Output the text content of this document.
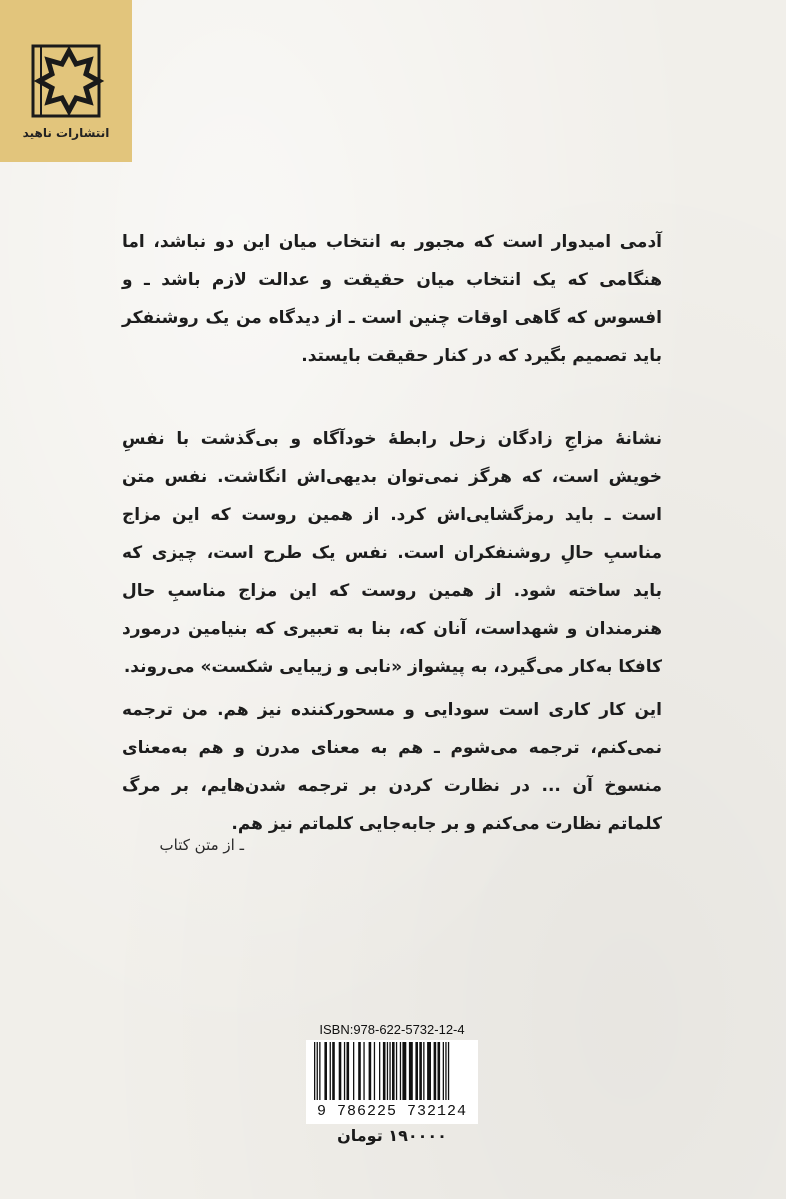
انتشارات ناهید

آدمی امیدوار است که مجبور به انتخاب میان این دو نباشد، اما هنگامی که یک انتخاب میان حقیقت و عدالت لازم باشد ـ و افسوس که گاهی اوقات چنین است ـ از دیدگاه من یک روشنفکر باید تصمیم بگیرد که در کنار حقیقت بایستد.

نشانهٔ مزاجِ زادگان زحل رابطهٔ خودآگاه و بی‌گذشت با نفسِ خویش است، که هرگز نمی‌توان بدیهی‌اش انگاشت. نفس متن است ـ باید رمزگشایی‌اش کرد. از همین روست که این مزاج مناسبِ حالِ روشنفکران است. نفس یک طرح است، چیزی که باید ساخته شود. از همین روست که این مزاج مناسبِ حال هنرمندان و شهداست، آنان که، بنا به تعبیری که بنیامین درمورد کافکا به‌کار می‌گیرد، به پیشواز «نابی و زیبایی شکست» می‌روند.

این کار کاری است سودایی و مسحورکننده نیز هم. من ترجمه نمی‌کنم، ترجمه می‌شوم ـ هم به معنای مدرن و هم به‌معنای منسوخ آن ... در نظارت کردن بر ترجمه شدن‌هایم، بر مرگ کلماتم نظارت می‌کنم و بر جابه‌جایی کلماتم نیز هم.

ـ از متن کتاب
ISBN:978-622-5732-12-4
9 786225 732124
۱۹۰۰۰۰ تومان
